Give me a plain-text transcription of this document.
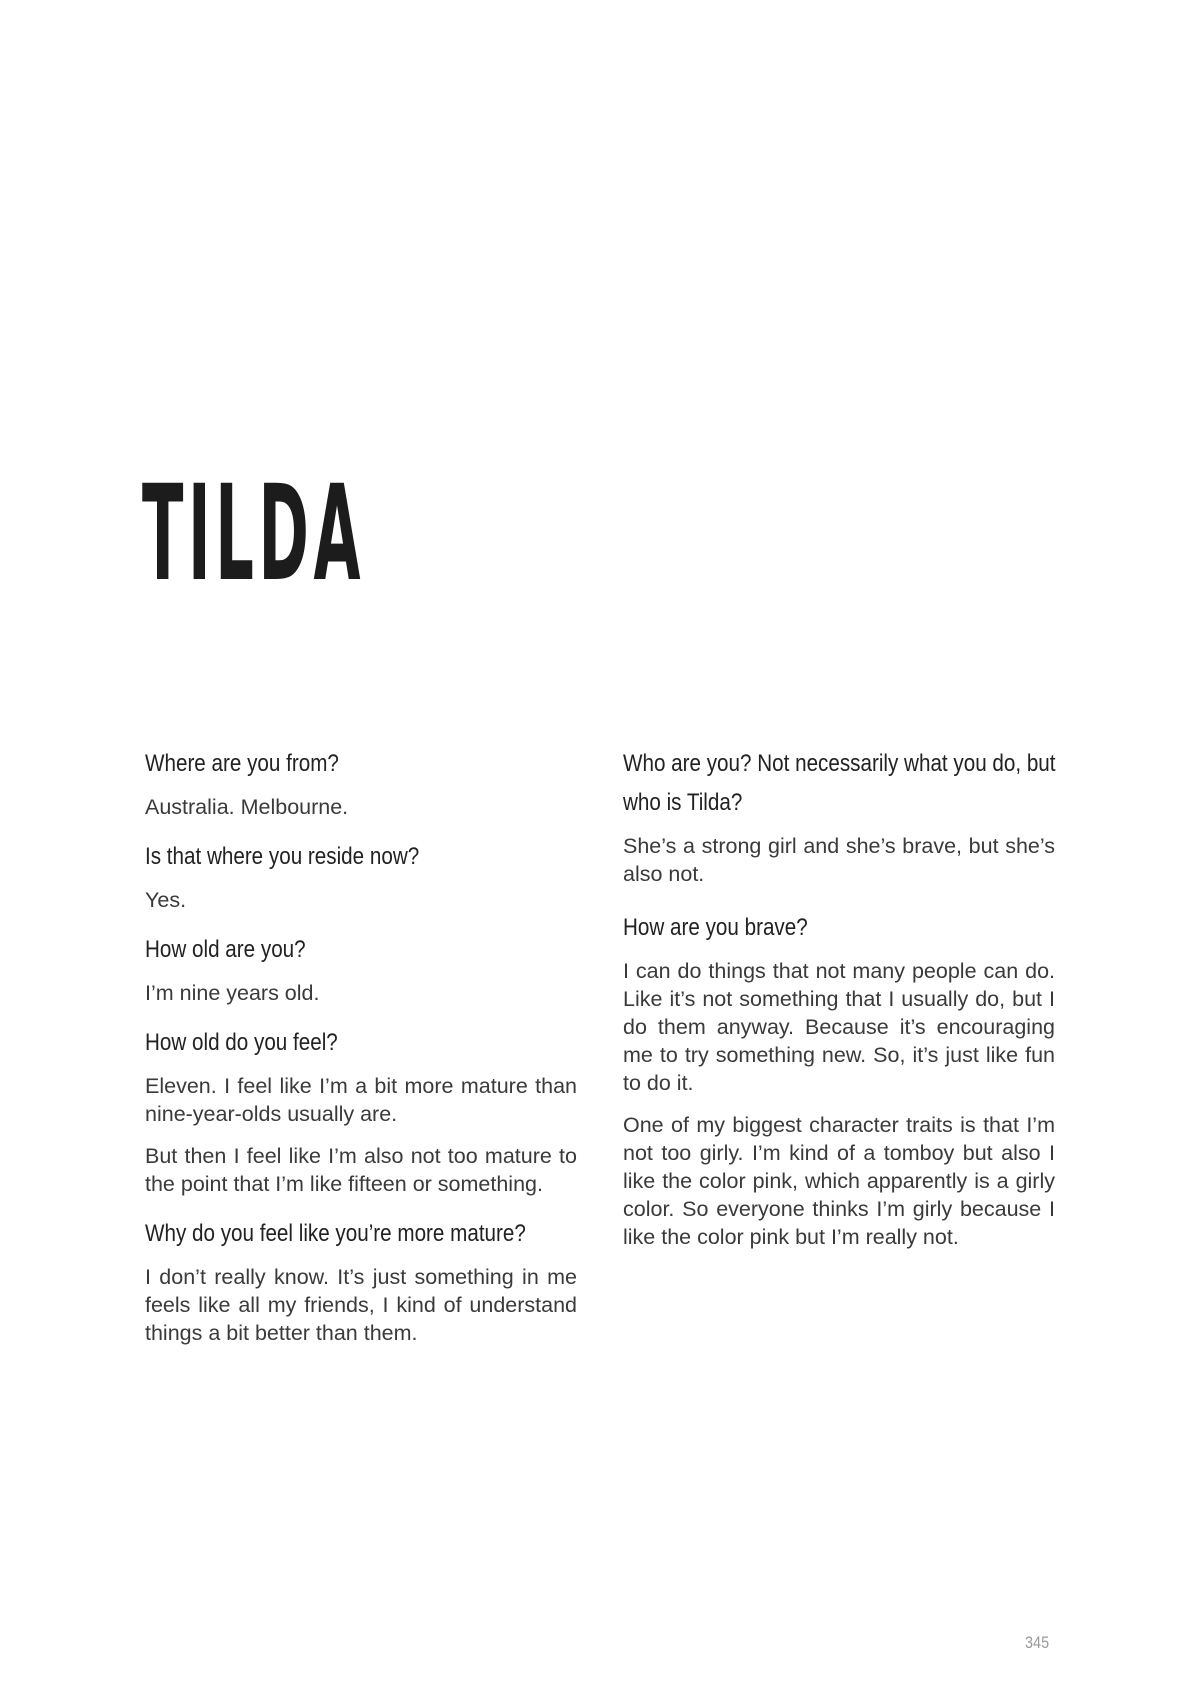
TILDA
Where are you from?

Australia. Melbourne.

Is that where you reside now?

Yes.

How old are you?

I’m nine years old.

How old do you feel?

Eleven. I feel like I’m a bit more mature than nine-year-olds usually are.

But then I feel like I’m also not too mature to the point that I’m like fifteen or something.

Why do you feel like you’re more mature?

I don’t really know. It’s just something in me feels like all my friends, I kind of understand things a bit better than them.

Who are you? Not necessarily what you do, but who is Tilda?

She’s a strong girl and she’s brave, but she’s also not.

How are you brave?

I can do things that not many people can do. Like it’s not something that I usually do, but I do them anyway. Because it’s encouraging me to try something new. So, it’s just like fun to do it.

One of my biggest character traits is that I’m not too girly. I’m kind of a tomboy but also I like the color pink, which apparently is a girly color. So everyone thinks I’m girly because I like the color pink but I’m really not.

345
